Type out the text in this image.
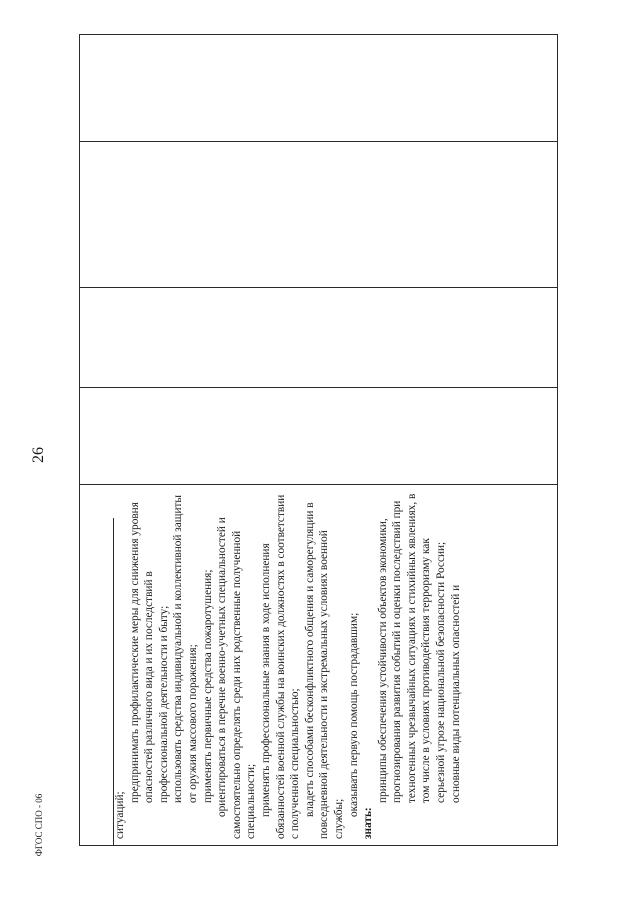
26

ситуаций;

предпринимать профилактические меры для снижения уровня опасностей различного вида и их последствий в профессиональной деятельности и быту; использовать средства индивидуальной и коллективной защиты от оружия массового поражения; применять первичные средства пожаротушения; ориентироваться в перечне военно-учетных специальностей и самостоятельно определять среди них родственные полученной специальности; применять профессиональные знания в ходе исполнения обязанностей военной службы на воинских должностях в соответствии с полученной специальностью; владеть способами бесконфликтного общения и саморегуляции в повседневной деятельности и экстремальных условиях военной службы;

оказывать первую помощь пострадавшим;

знать:

принципы обеспечения устойчивости объектов экономики, прогнозирования развития событий и оценки последствий при техногенных чрезвычайных ситуациях и стихийных явлениях, в том числе в условиях противодействия терроризму как серьезной угрозе национальной безопасности России; основные виды потенциальных опасностей и

ФГОС СПО - 06
